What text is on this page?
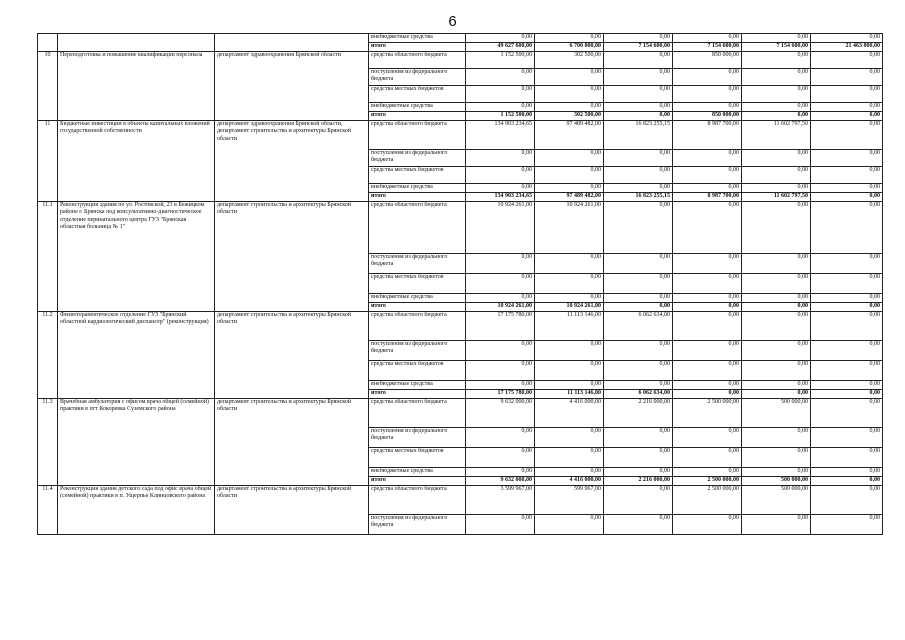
6
			внебюджетные средства	0,00	0,00	0,00	0,00	0,00	0,00
			итого	49 627 600,00	6 700 800,00	7 154 600,00	7 154 600,00	7 154 600,00	21 463 800,00
10	Переподготовка и повышение квалификации персонала	департамент здравоохранения Брянской области	средства областного бюджета	1 152 500,00	302 500,00	0,00	850 000,00	0,00	0,00
			поступления из федерального бюджета	0,00	0,00	0,00	0,00	0,00	0,00
			средства местных бюджетов	0,00	0,00	0,00	0,00	0,00	0,00
			внебюджетные средства	0,00	0,00	0,00	0,00	0,00	0,00
			итого	1 152 500,00	302 500,00	0,00	850 000,00	0,00	0,00
11	Бюджетные инвестиции в объекты капитальных вложений государственной собственности	департамент здравоохранения Брянской области, департамент строительства и архитектуры Брянской области	средства областного бюджета	134 903 234,65	97 489 482,00	16 823 255,15	8 987 700,00	11 602 797,50	0,00
			поступления из федерального бюджета	0,00	0,00	0,00	0,00	0,00	0,00
			средства местных бюджетов	0,00	0,00	0,00	0,00	0,00	0,00
			внебюджетные средства	0,00	0,00	0,00	0,00	0,00	0,00
			итого	134 903 234,65	97 489 482,00	16 823 255,15	8 987 700,00	11 602 797,50	0,00
11.1	Реконструкция здания по ул. Ростовской, 23 в Бежицком районе г. Брянска под консультативно-диагностическое отделение перинатального центра ГУЗ "Брянская областная больница № 1"	департамент строительства и архитектуры Брянской области	средства областного бюджета	10 924 261,00	10 924 261,00	0,00	0,00	0,00	0,00
			поступления из федерального бюджета	0,00	0,00	0,00	0,00	0,00	0,00
			средства местных бюджетов	0,00	0,00	0,00	0,00	0,00	0,00
			внебюджетные средства	0,00	0,00	0,00	0,00	0,00	0,00
			итого	10 924 261,00	10 924 261,00	0,00	0,00	0,00	0,00
11.2	Физиотерапевтическое отделение ГУЗ "Брянский областной кардиологический диспансер" (реконструкция)	департамент строительства и архитектуры Брянской области	средства областного бюджета	17 175 780,00	11 113 146,00	6 062 634,00	0,00	0,00	0,00
			поступления из федерального бюджета	0,00	0,00	0,00	0,00	0,00	0,00
			средства местных бюджетов	0,00	0,00	0,00	0,00	0,00	0,00
			внебюджетные средства	0,00	0,00	0,00	0,00	0,00	0,00
			итого	17 175 780,00	11 113 146,00	6 062 634,00	0,00	0,00	0,00
11.3	Врачебная амбулатория с офисом врача общей (семейной) практики в пгт Кокоревка Суземского района	департамент строительства и архитектуры Брянской области	средства областного бюджета	9 632 000,00	4 416 000,00	2 216 000,00	2 500 000,00	500 000,00	0,00
			поступления из федерального бюджета	0,00	0,00	0,00	0,00	0,00	0,00
			средства местных бюджетов	0,00	0,00	0,00	0,00	0,00	0,00
			внебюджетные средства	0,00	0,00	0,00	0,00	0,00	0,00
			итого	9 632 000,00	4 416 000,00	2 216 000,00	2 500 000,00	500 000,00	0,00
11.4	Реконструкция здания детского сада под офис врача общей (семейной) практики в п. Ущерпье Клинцовского района	департамент строительства и архитектуры Брянской области	средства областного бюджета	3 599 967,00	599 967,00	0,00	2 500 000,00	500 000,00	0,00
			поступления из федерального бюджета	0,00	0,00	0,00	0,00	0,00	0,00
